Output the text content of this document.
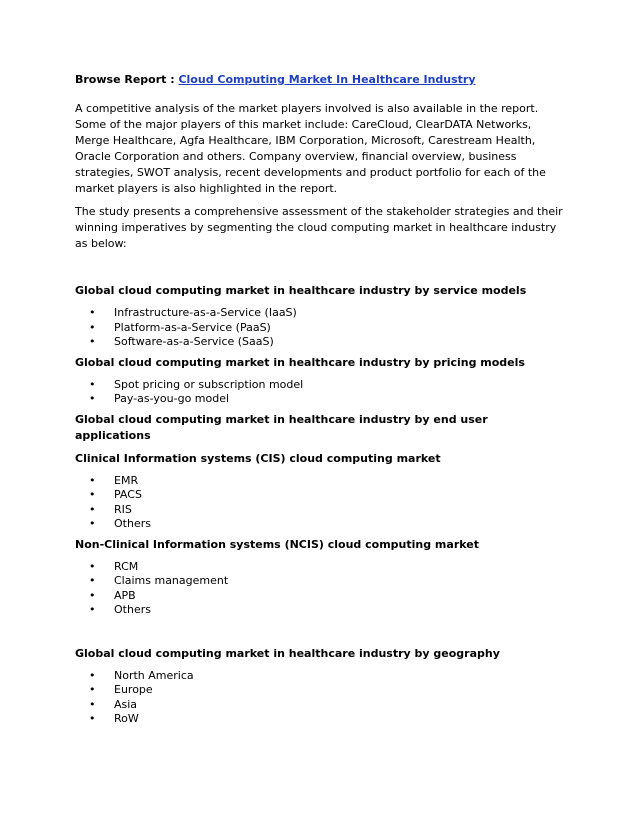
Browse Report : Cloud Computing Market In Healthcare Industry

A competitive analysis of the market players involved is also available in the report. Some of the major players of this market include: CareCloud, ClearDATA Networks, Merge Healthcare, Agfa Healthcare, IBM Corporation, Microsoft, Carestream Health, Oracle Corporation and others. Company overview, financial overview, business strategies, SWOT analysis, recent developments and product portfolio for each of the market players is also highlighted in the report.

The study presents a comprehensive assessment of the stakeholder strategies and their winning imperatives by segmenting the cloud computing market in healthcare industry as below:

Global cloud computing market in healthcare industry by service models
• Infrastructure-as-a-Service (IaaS)
• Platform-as-a-Service (PaaS)
• Software-as-a-Service (SaaS)
Global cloud computing market in healthcare industry by pricing models
• Spot pricing or subscription model
• Pay-as-you-go model
Global cloud computing market in healthcare industry by end user applications
Clinical Information systems (CIS) cloud computing market
• EMR
• PACS
• RIS
• Others
Non-Clinical Information systems (NCIS) cloud computing market
• RCM
• Claims management
• APB
• Others
Global cloud computing market in healthcare industry by geography
• North America
• Europe
• Asia
• RoW
